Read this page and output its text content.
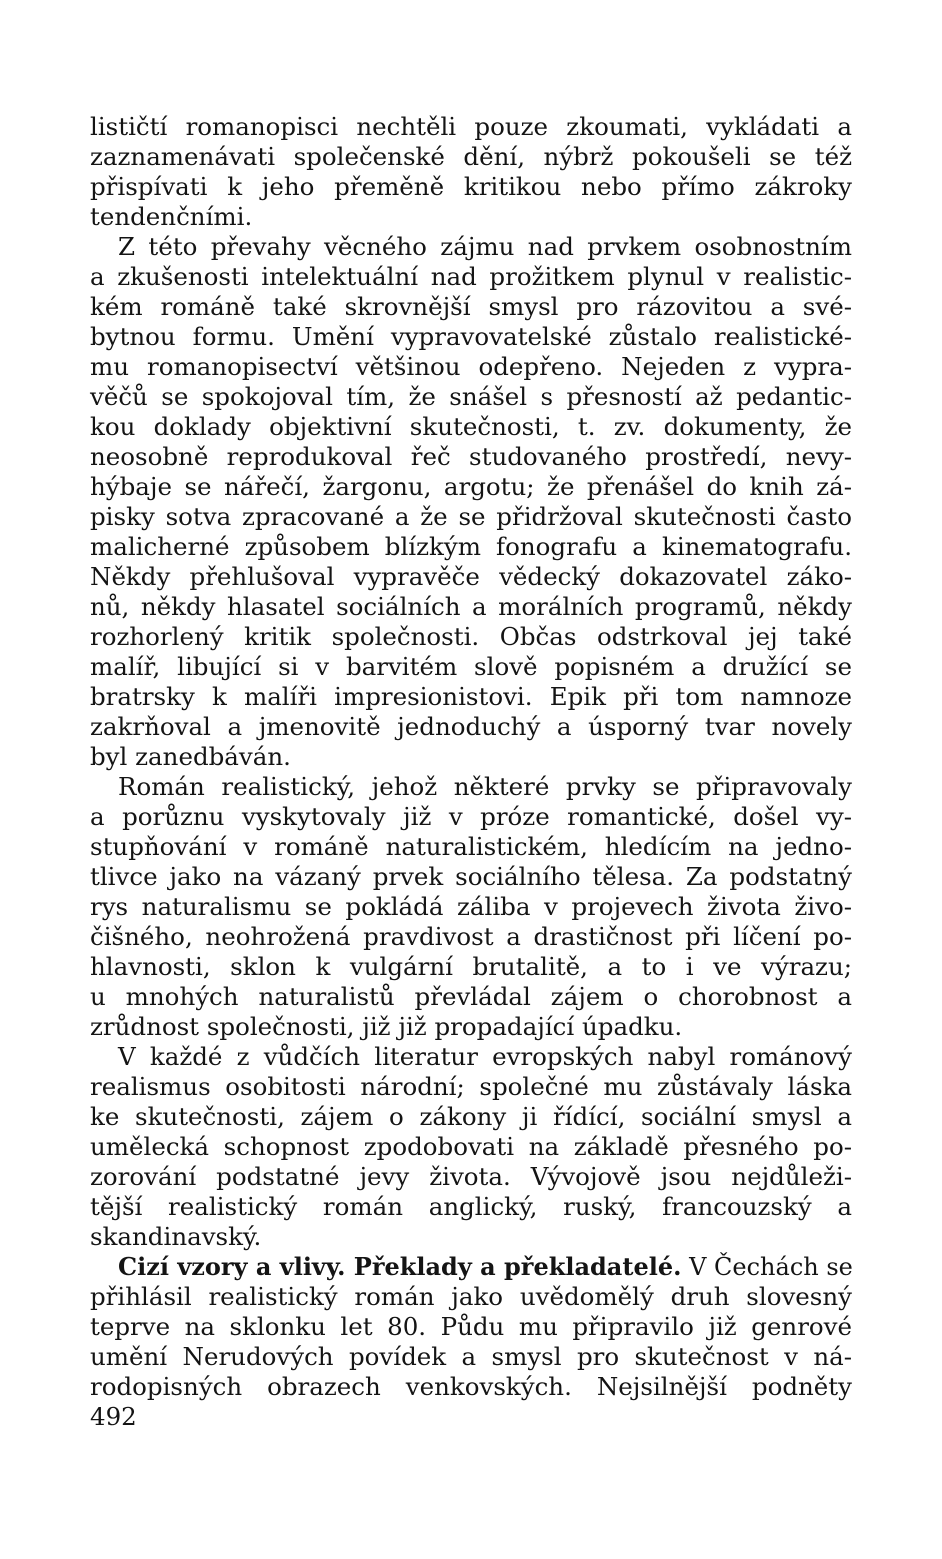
lističtí romanopisci nechtěli pouze zkoumati, vykládati a
zaznamenávati společenské dění, nýbrž pokoušeli se též
přispívati k jeho přeměně kritikou nebo přímo zákroky
tendenčními.
Z této převahy věcného zájmu nad prvkem osobnostním
a zkušenosti intelektuální nad prožitkem plynul v realistic-
kém románě také skrovnější smysl pro rázovitou a své-
bytnou formu. Umění vypravovatelské zůstalo realistické-
mu romanopisectví většinou odepřeno. Nejeden z vypra-
věčů se spokojoval tím, že snášel s přesností až pedantic-
kou doklady objektivní skutečnosti, t. zv. dokumenty, že
neosobně reprodukoval řeč studovaného prostředí, nevy-
hýbaje se nářečí, žargonu, argotu; že přenášel do knih zá-
pisky sotva zpracované a že se přidržoval skutečnosti často
malicherné způsobem blízkým fonografu a kinematografu.
Někdy přehlušoval vypravěče vědecký dokazovatel záko-
nů, někdy hlasatel sociálních a morálních programů, někdy
rozhorlený kritik společnosti. Občas odstrkoval jej také
malíř, libující si v barvitém slově popisném a družící se
bratrsky k malíři impresionistovi. Epik při tom namnoze
zakrňoval a jmenovitě jednoduchý a úsporný tvar novely
byl zanedbáván.
Román realistický, jehož některé prvky se připravovaly
a porůznu vyskytovaly již v próze romantické, došel vy-
stupňování v románě naturalistickém, hledícím na jedno-
tlivce jako na vázaný prvek sociálního tělesa. Za podstatný
rys naturalismu se pokládá záliba v projevech života živo-
čišného, neohrožená pravdivost a drastičnost při líčení po-
hlavnosti, sklon k vulgární brutalitě, a to i ve výrazu;
u mnohých naturalistů převládal zájem o chorobnost a
zrůdnost společnosti, již již propadající úpadku.
V každé z vůdčích literatur evropských nabyl románový
realismus osobitosti národní; společné mu zůstávaly láska
ke skutečnosti, zájem o zákony ji řídící, sociální smysl a
umělecká schopnost zpodobovati na základě přesného po-
zorování podstatné jevy života. Vývojově jsou nejdůleži-
tější realistický román anglický, ruský, francouzský a
skandinavský.
Cizí vzory a vlivy. Překlady a překladatelé. V Čechách se
přihlásil realistický román jako uvědomělý druh slovesný
teprve na sklonku let 80. Půdu mu připravilo již genrové
umění Nerudových povídek a smysl pro skutečnost v ná-
rodopisných obrazech venkovských. Nejsilnější podněty
492
